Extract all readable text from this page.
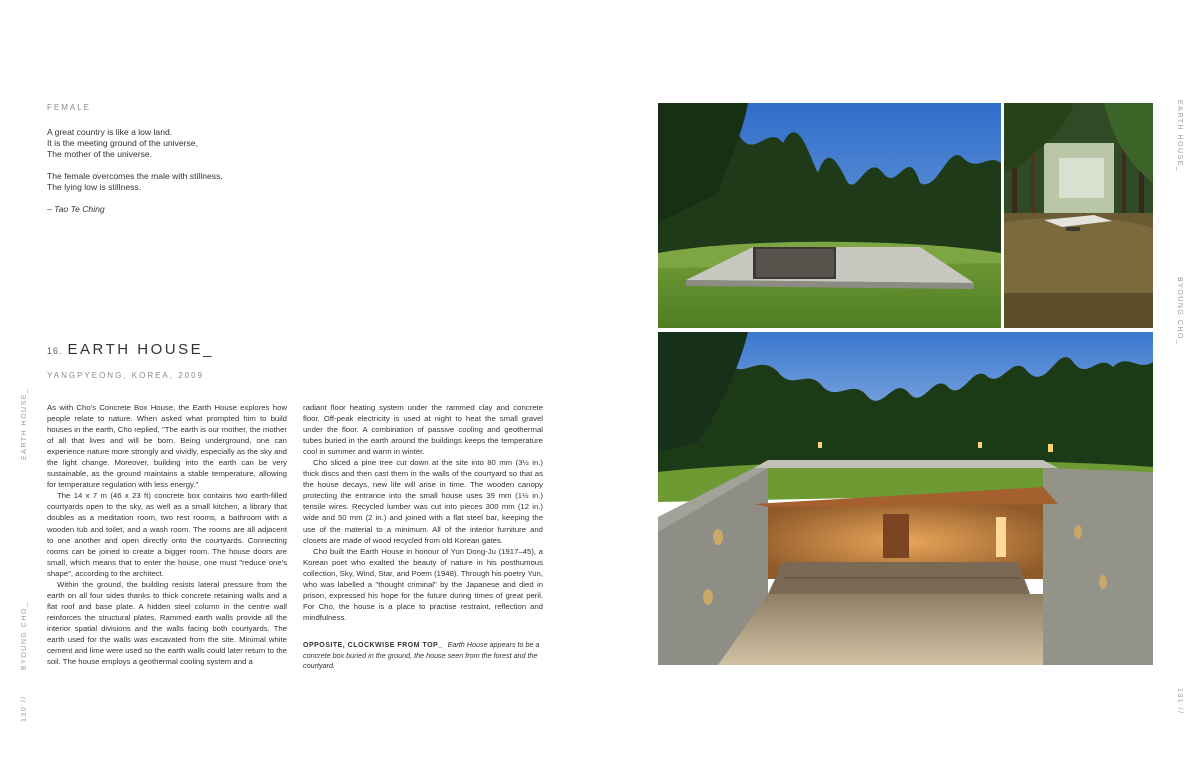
FEMALE
A great country is like a low land.
It is the meeting ground of the universe,
The mother of the universe.
The female overcomes the male with stillness,
The lying low is stillness.
– Tao Te Ching
16. EARTH HOUSE_
YANGPYEONG, KOREA, 2009

As with Cho's Concrete Box House, the Earth House explores how people relate to nature. When asked what prompted him to build houses in the earth, Cho replied, "The earth is our mother, the mother of all that lives and will be born. Being underground, one can experience nature more strongly and vividly, especially as the sky and the light change. Moreover, building into the earth can be very sustainable, as the ground maintains a stable temperature, allowing for temperature regulation with less energy."

The 14 x 7 m (46 x 23 ft) concrete box contains two earth-filled courtyards open to the sky, as well as a small kitchen, a library that doubles as a meditation room, two rest rooms, a bathroom with a wooden tub and toilet, and a wash room. The rooms are all adjacent to one another and open directly onto the courtyards. Connecting rooms can be joined to create a bigger room. The house doors are small, which means that to enter the house, one must "reduce one's shape", according to the architect.

Within the ground, the building resists lateral pressure from the earth on all four sides thanks to thick concrete retaining walls and a flat roof and base plate. A hidden steel column in the centre wall reinforces the structural plates. Rammed earth walls provide all the interior spatial divisions and the walls facing both courtyards. The earth used for the walls was excavated from the site. Minimal white cement and lime were used so the earth walls could later return to the soil. The house employs a geothermal cooling system and a

radiant floor heating system under the rammed clay and concrete floor. Off-peak electricity is used at night to heat the small gravel under the floor. A combination of passive cooling and geothermal tubes buried in the earth around the buildings keeps the temperature cool in summer and warm in winter.

Cho sliced a pine tree cut down at the site into 80 mm (3½ in.) thick discs and then cast them in the walls of the courtyard so that as the house decays, new life will arise in time. The wooden canopy protecting the entrance into the small house uses 39 mm (1½ in.) tensile wires. Recycled lumber was cut into pieces 300 mm (12 in.) wide and 50 mm (2 in.) and joined with a flat steel bar, keeping the use of the material to a minimum. All of the interior furniture and closets are made of wood recycled from old Korean gates.

Cho built the Earth House in honour of Yun Dong-Ju (1917–45), a Korean poet who exalted the beauty of nature in his posthumous collection, Sky, Wind, Star, and Poem (1948). Through his poetry Yun, who was labelled a "thought criminal" by the Japanese and died in prison, expressed his hope for the future during times of great peril. For Cho, the house is a place to practise restraint, reflection and mindfulness.

OPPOSITE, CLOCKWISE FROM TOP_ Earth House appears to be a concrete box buried in the ground, the house seen from the forest and the courtyard.
EARTH HOUSE_
BYOUNG CHO_
130 //
EARTH HOUSE_
BYOUNG CHO_
131 //
